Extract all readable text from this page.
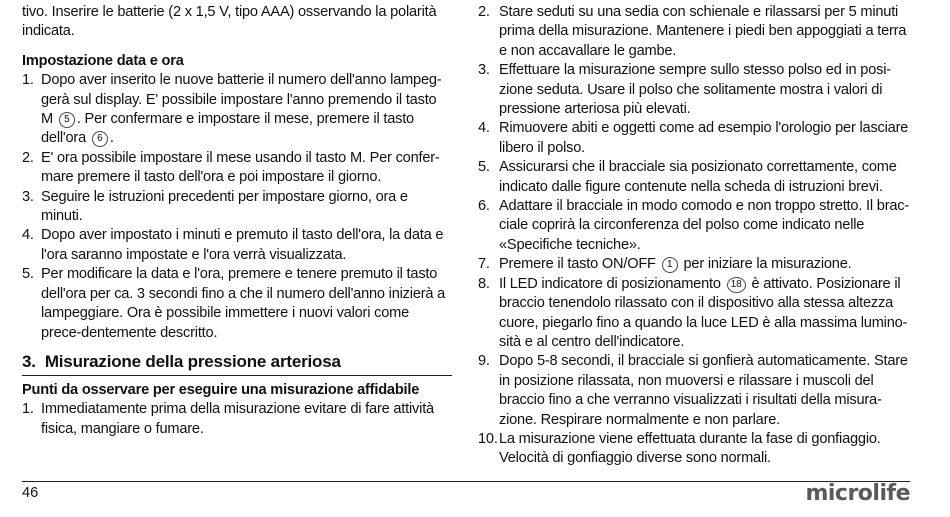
tivo. Inserire le batterie (2 x 1,5 V, tipo AAA) osservando la polarità indicata.

Impostazione data e ora

1. Dopo aver inserito le nuove batterie il numero dell'anno lampeg-gerà sul display. E' possibile impostare l'anno premendo il tasto M 5 . Per confermare e impostare il mese, premere il tasto dell'ora 6 .
2. E' ora possibile impostare il mese usando il tasto M. Per confer-mare premere il tasto dell'ora e poi impostare il giorno.
3. Seguire le istruzioni precedenti per impostare giorno, ora e minuti.
4. Dopo aver impostato i minuti e premuto il tasto dell'ora, la data e l'ora saranno impostate e l'ora verrà visualizzata.
5. Per modificare la data e l'ora, premere e tenere premuto il tasto dell'ora per ca. 3 secondi fino a che il numero dell'anno inizierà a lampeggiare. Ora è possibile immettere i nuovi valori come prece-dentemente descritto.
3. Misurazione della pressione arteriosa

Punti da osservare per eseguire una misurazione affidabile

1. Immediatamente prima della misurazione evitare di fare attività fisica, mangiare o fumare.
2. Stare seduti su una sedia con schienale e rilassarsi per 5 minuti prima della misurazione. Mantenere i piedi ben appoggiati a terra e non accavallare le gambe.
3. Effettuare la misurazione sempre sullo stesso polso ed in posi-zione seduta. Usare il polso che solitamente mostra i valori di pressione arteriosa più elevati.
4. Rimuovere abiti e oggetti come ad esempio l'orologio per lasciare libero il polso.
5. Assicurarsi che il bracciale sia posizionato correttamente, come indicato dalle figure contenute nella scheda di istruzioni brevi.
6. Adattare il bracciale in modo comodo e non troppo stretto. Il brac-ciale coprirà la circonferenza del polso come indicato nelle «Specifiche tecniche».
7. Premere il tasto ON/OFF 1 per iniziare la misurazione.
8. Il LED indicatore di posizionamento 18 è attivato. Posizionare il braccio tenendolo rilassato con il dispositivo alla stessa altezza cuore, piegarlo fino a quando la luce LED è alla massima lumino-sità e al centro dell'indicatore.
9. Dopo 5-8 secondi, il bracciale si gonfierà automaticamente. Stare in posizione rilassata, non muoversi e rilassare i muscoli del braccio fino a che verranno visualizzati i risultati della misura-zione. Respirare normalmente e non parlare.
10. La misurazione viene effettuata durante la fase di gonfiaggio. Velocità di gonfiaggio diverse sono normali.
46	microlife
